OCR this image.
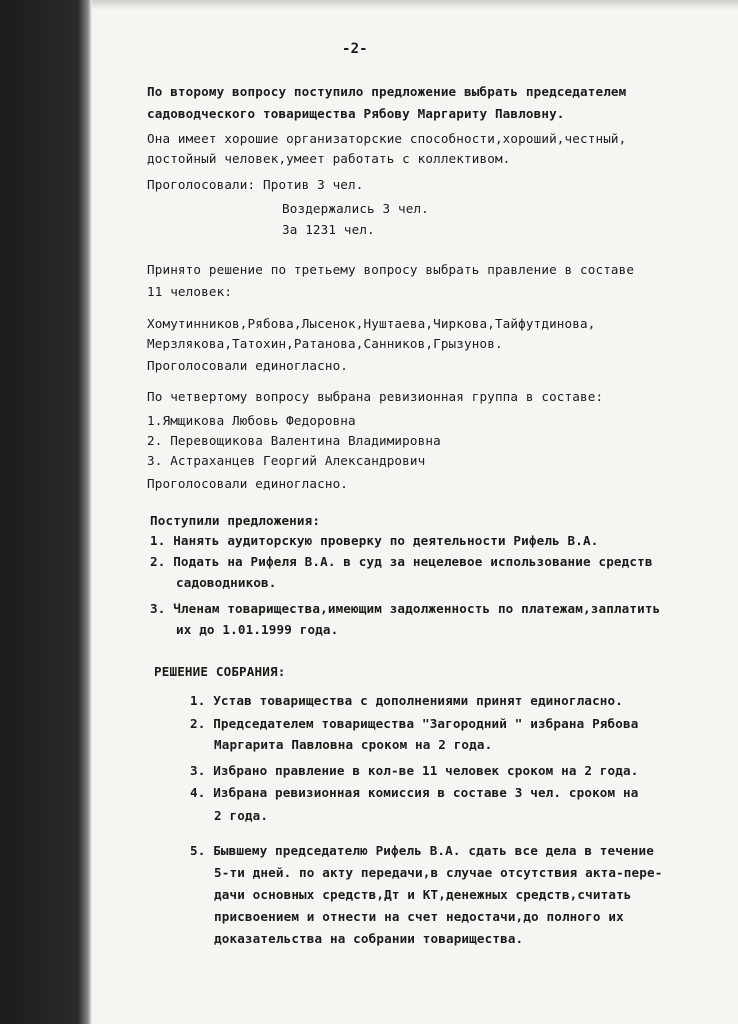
-2-
По второму вопросу поступило предложение выбрать председателем
садоводческого товарищества Рябову Маргариту Павловну.
Она имеет хорошие организаторские способности,хороший,честный,
достойный человек,умеет работать с коллективом.
Проголосовали: Против 3 чел.
Воздержались 3 чел.
За 1231 чел.
Принято решение по третьему вопросу выбрать правление в составе
11 человек:
Хомутинников,Рябова,Лысенок,Нуштаева,Чиркова,Тайфутдинова,
Мерзлякова,Татохин,Ратанова,Санников,Грызунов.
Проголосовали единогласно.
По четвертому вопросу выбрана ревизионная группа в составе:
1.Ямщикова Любовь Федоровна
2. Перевощикова Валентина Владимировна
3. Астраханцев Георгий Александрович
Проголосовали единогласно.
Поступили предложения:
1. Нанять аудиторскую проверку по деятельности Рифель В.А.
2. Подать на Рифеля В.А. в суд за нецелевое использование средств
садоводников.
3. Членам товарищества,имеющим задолженность по платежам,заплатить
их до 1.01.1999 года.
РЕШЕНИЕ СОБРАНИЯ:
1. Устав товарищества с дополнениями принят единогласно.
2. Председателем товарищества "Загородний " избрана Рябова
Маргарита Павловна сроком на 2 года.
3. Избрано правление в кол-ве 11 человек сроком на 2 года.
4. Избрана ревизионная комиссия в составе 3 чел. сроком на
2 года.
5. Бывшему председателю Рифель В.А. сдать все дела в течение
5-ти дней. по акту передачи,в случае отсутствия акта-пере-
дачи основных средств,Дт и КТ,денежных средств,считать
присвоением и отнести на счет недостачи,до полного их
доказательства на собрании товарищества.
